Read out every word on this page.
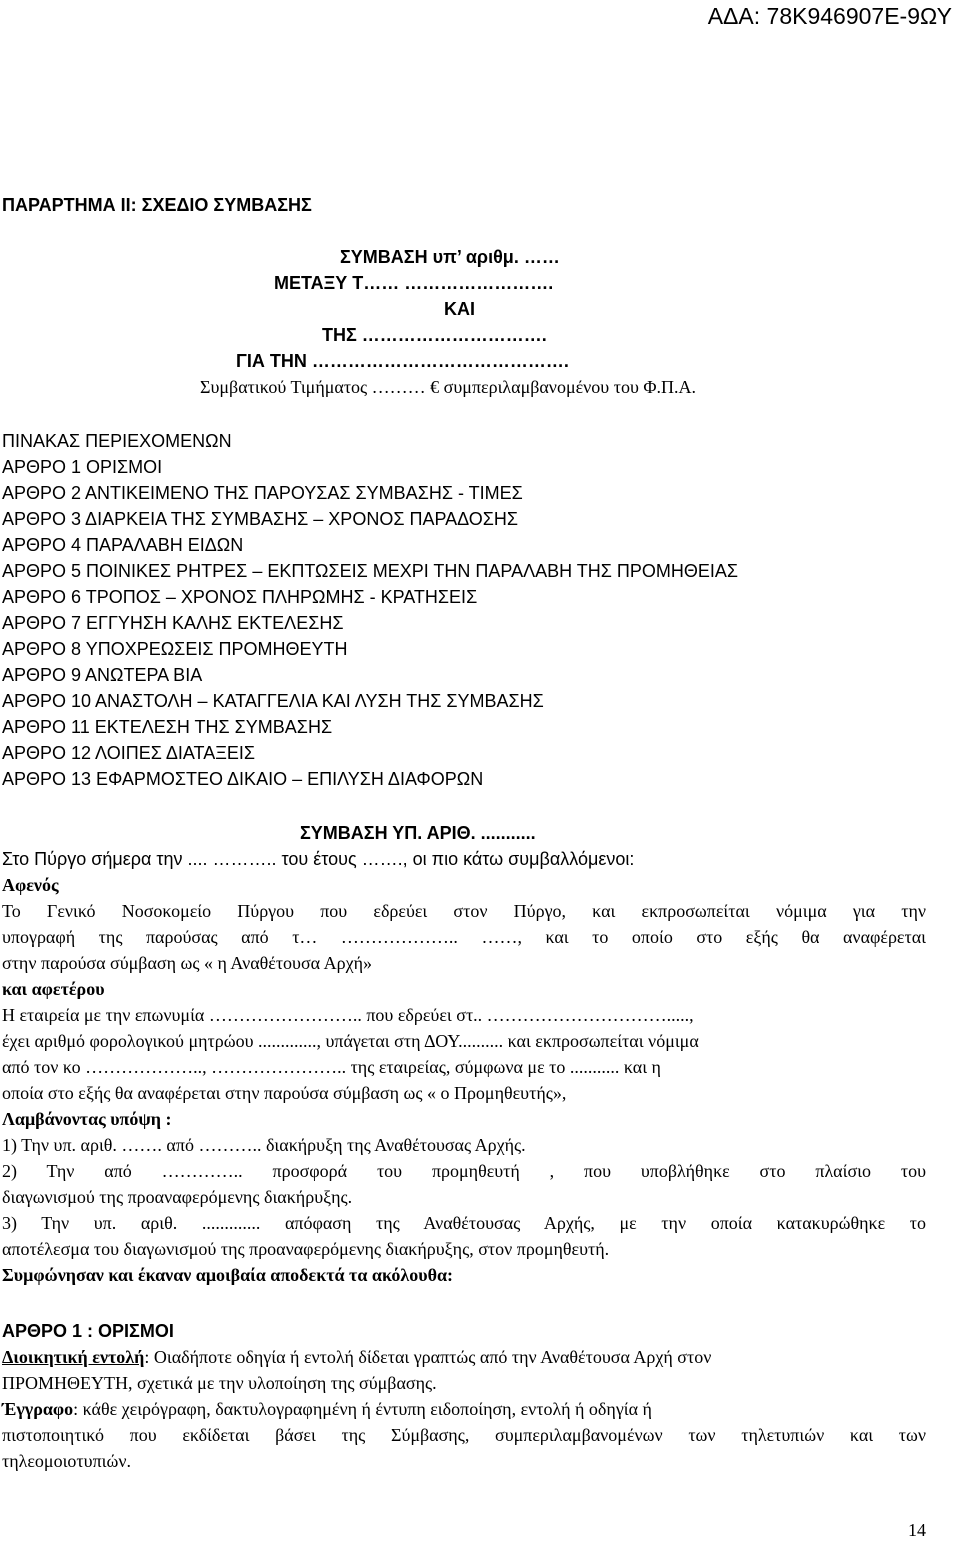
ΑΔΑ: 78Κ946907Ε-9ΩΥ
ΠΑΡΑΡΤΗΜΑ ΙΙ: ΣΧΕΔΙΟ ΣΥΜΒΑΣΗΣ
ΣΥΜΒΑΣΗ υπ’ αριθμ. ……
ΜΕΤΑΞΥ Τ…… …………………….
ΚΑΙ
ΤΗΣ ………………………….
ΓΙΑ ΤΗΝ …………………………………….
Συμβατικού Τιμήματος ……… € συμπεριλαμβανομένου του Φ.Π.Α.
ΠΙΝΑΚΑΣ ΠΕΡΙΕΧΟΜΕΝΩΝ
ΑΡΘΡΟ 1 ΟΡΙΣΜΟΙ
ΑΡΘΡΟ 2 ΑΝΤΙΚΕΙΜΕΝΟ ΤΗΣ ΠΑΡΟΥΣΑΣ ΣΥΜΒΑΣΗΣ - ΤΙΜΕΣ
ΑΡΘΡΟ 3 ΔΙΑΡΚΕΙΑ ΤΗΣ ΣΥΜΒΑΣΗΣ – ΧΡΟΝΟΣ ΠΑΡΑΔΟΣΗΣ
ΑΡΘΡΟ 4 ΠΑΡΑΛΑΒΗ ΕΙΔΩΝ
ΑΡΘΡΟ 5 ΠΟΙΝΙΚΕΣ ΡΗΤΡΕΣ – ΕΚΠΤΩΣΕΙΣ ΜΕΧΡΙ ΤΗΝ ΠΑΡΑΛΑΒΗ ΤΗΣ ΠΡΟΜΗΘΕΙΑΣ
ΑΡΘΡΟ 6 ΤΡΟΠΟΣ – ΧΡΟΝΟΣ ΠΛΗΡΩΜΗΣ - ΚΡΑΤΗΣΕΙΣ
ΑΡΘΡΟ 7 ΕΓΓΥΗΣΗ ΚΑΛΗΣ ΕΚΤΕΛΕΣΗΣ
ΑΡΘΡΟ 8 ΥΠΟΧΡΕΩΣΕΙΣ ΠΡΟΜΗΘΕΥΤΗ
ΑΡΘΡΟ 9 ΑΝΩΤΕΡΑ ΒΙΑ
ΑΡΘΡΟ 10 ΑΝΑΣΤΟΛΗ – ΚΑΤΑΓΓΕΛΙΑ ΚΑΙ ΛΥΣΗ ΤΗΣ ΣΥΜΒΑΣΗΣ
ΑΡΘΡΟ 11 ΕΚΤΕΛΕΣΗ ΤΗΣ ΣΥΜΒΑΣΗΣ
ΑΡΘΡΟ 12 ΛΟΙΠΕΣ ΔΙΑΤΑΞΕΙΣ
ΑΡΘΡΟ 13 ΕΦΑΡΜΟΣΤΕΟ ΔΙΚΑΙΟ – ΕΠΙΛΥΣΗ ΔΙΑΦΟΡΩΝ
ΣΥΜΒΑΣΗ ΥΠ. ΑΡΙΘ. ...........
Στο Πύργο σήμερα την .... ……….. του έτους ……., οι πιο κάτω συμβαλλόμενοι:
Αφενός
Το Γενικό Νοσοκομείο Πύργου που εδρεύει στον Πύργο, και εκπροσωπείται νόμιμα για την
υπογραφή της παρούσας από τ… ……………….. ……, και το οποίο στο εξής θα αναφέρεται
στην παρούσα σύμβαση ως « η Αναθέτουσα Αρχή»
και αφετέρου
Η εταιρεία με την επωνυμία …………………….. που εδρεύει στ.. ………………………….....,
έχει αριθμό φορολογικού μητρώου ............., υπάγεται στη ΔΟΥ.......... και εκπροσωπείται νόμιμα
από τον κο ……………….., ………………….. της εταιρείας, σύμφωνα με το ........... και η
οποία στο εξής θα αναφέρεται στην παρούσα σύμβαση ως « ο Προμηθευτής»,
Λαμβάνοντας υπόψη :
1) Την υπ. αριθ. ……. από ……….. διακήρυξη της Αναθέτουσας Αρχής.
2) Την από ………….. προσφορά του προμηθευτή , που υποβλήθηκε στο πλαίσιο του
διαγωνισμού της προαναφερόμενης διακήρυξης.
3) Την υπ. αριθ. ............. απόφαση της Αναθέτουσας Αρχής, με την οποία κατακυρώθηκε το
αποτέλεσμα του διαγωνισμού της προαναφερόμενης διακήρυξης, στον προμηθευτή.
Συμφώνησαν και έκαναν αμοιβαία αποδεκτά τα ακόλουθα:
ΑΡΘΡΟ 1 : ΟΡΙΣΜΟΙ
Διοικητική εντολή: Οιαδήποτε οδηγία ή εντολή δίδεται γραπτώς από την Αναθέτουσα Αρχή στον
ΠΡΟΜΗΘΕΥΤΗ, σχετικά με την υλοποίηση της σύμβασης.
Έγγραφο: κάθε χειρόγραφη, δακτυλογραφημένη ή έντυπη ειδοποίηση, εντολή ή οδηγία ή
πιστοποιητικό που εκδίδεται βάσει της Σύμβασης, συμπεριλαμβανομένων των τηλετυπιών και των
τηλεομοιοτυπιών.
14
